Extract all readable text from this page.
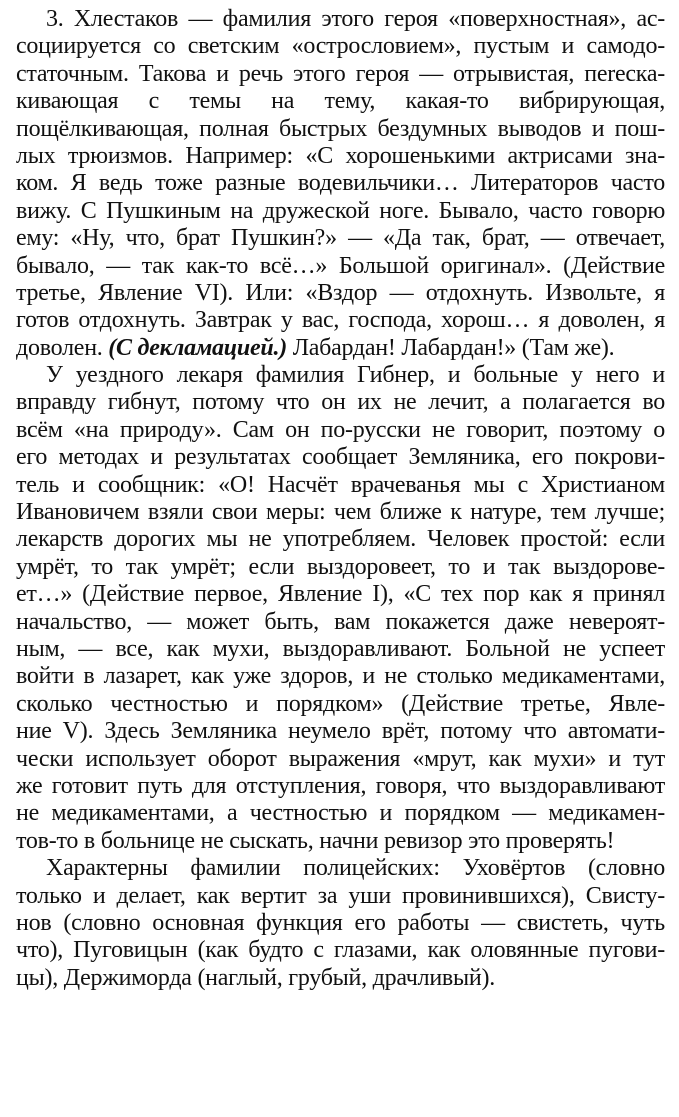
3. Хлестаков — фамилия этого героя «поверхностная», ас-
социируется со светским «острословием», пустым и самодо-
статочным. Такова и речь этого героя — отрывистая, пereска-
кивающая с темы на тему, какая-то вибрирующая,
пощёлкивающая, полная быстрых бездумных выводов и пош-
лых трюизмов. Например: «С хорошенькими актрисами зна-
ком. Я ведь тоже разные водевильчики… Литераторов часто
вижу. С Пушкиным на дружеской ноге. Бывало, часто говорю
ему: «Ну, что, брат Пушкин?» — «Да так, брат, — отвечает,
бывало, — так как-то всё…» Большой оригинал». (Действие
третье, Явление VI). Или: «Вздор — отдохнуть. Извольте, я
готов отдохнуть. Завтрак у вас, господа, хорош… я доволен, я
доволен. (С декламацией.) Лабардан! Лабардан!» (Там же).
У уездного лекаря фамилия Гибнер, и больные у него и
вправду гибнут, потому что он их не лечит, а полагается во
всём «на природу». Сам он по-русски не говорит, поэтому о
его методах и результатах сообщает Земляника, его покрови-
тель и сообщник: «О! Насчёт врачеванья мы с Христианом
Ивановичем взяли свои меры: чем ближе к натуре, тем лучше;
лекарств дорогих мы не употребляем. Человек простой: если
умрёт, то так умрёт; если выздоровеет, то и так выздорове-
ет…» (Действие первое, Явление I), «С тех пор как я принял
начальство, — может быть, вам покажется даже невероят-
ным, — все, как мухи, выздоравливают. Больной не успеет
войти в лазарет, как уже здоров, и не столько медикаментами,
сколько честностью и порядком» (Действие третье, Явле-
ние V). Здесь Земляника неумело врёт, потому что автомати-
чески использует оборот выражения «мрут, как мухи» и тут
же готовит путь для отступления, говоря, что выздоравливают
не медикаментами, а честностью и порядком — медикамен-
тов-то в больнице не сыскать, начни ревизор это проверять!
Характерны фамилии полицейских: Уховёртов (словно
только и делает, как вертит за уши провинившихся), Свисту-
нов (словно основная функция его работы — свистеть, чуть
что), Пуговицын (как будто с глазами, как оловянные пугови-
цы), Держиморда (наглый, грубый, драчливый).
